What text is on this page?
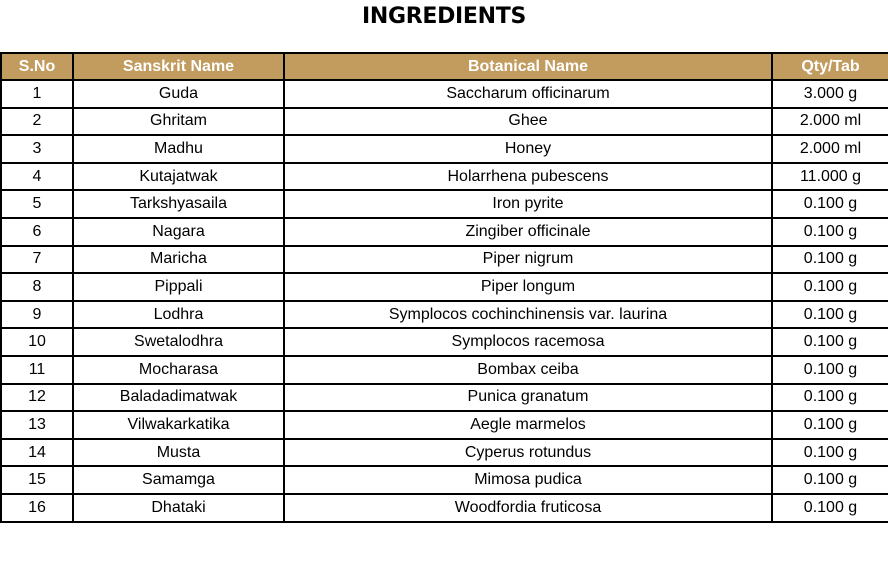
INGREDIENTS
S.No	Sanskrit Name	Botanical Name	Qty/Tab
1	Guda	Saccharum officinarum	3.000 g
2	Ghritam	Ghee	2.000 ml
3	Madhu	Honey	2.000 ml
4	Kutajatwak	Holarrhena pubescens	11.000 g
5	Tarkshyasaila	Iron pyrite	0.100 g
6	Nagara	Zingiber officinale	0.100 g
7	Maricha	Piper nigrum	0.100 g
8	Pippali	Piper longum	0.100 g
9	Lodhra	Symplocos cochinchinensis var. laurina	0.100 g
10	Swetalodhra	Symplocos racemosa	0.100 g
11	Mocharasa	Bombax ceiba	0.100 g
12	Baladadimatwak	Punica granatum	0.100 g
13	Vilwakarkatika	Aegle marmelos	0.100 g
14	Musta	Cyperus rotundus	0.100 g
15	Samamga	Mimosa pudica	0.100 g
16	Dhataki	Woodfordia fruticosa	0.100 g
